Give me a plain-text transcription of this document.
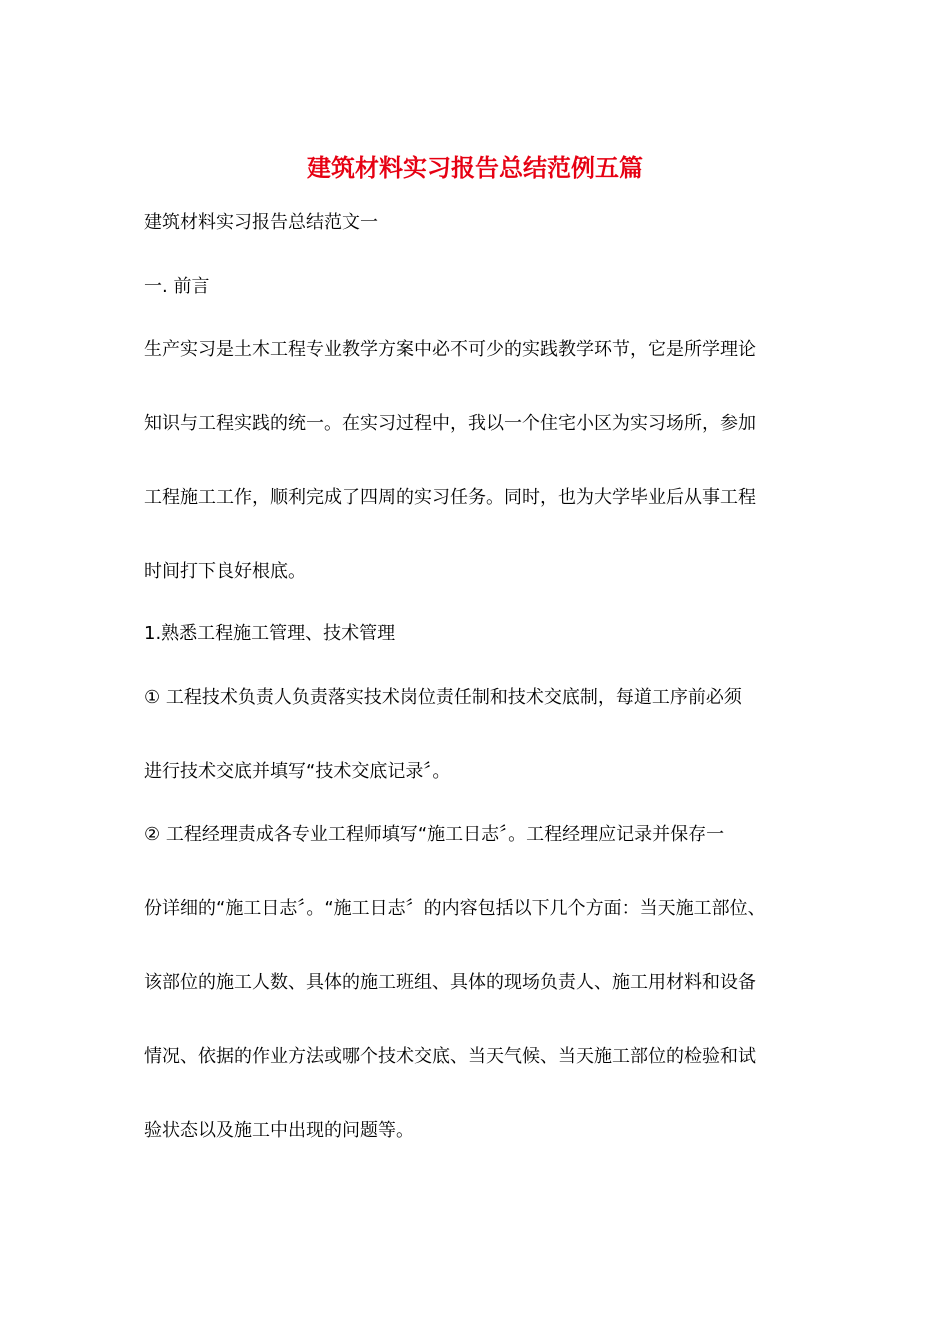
建筑材料实习报告总结范例五篇
建筑材料实习报告总结范文一
一. 前言
生产实习是土木工程专业教学方案中必不可少的实践教学环节，它是所学理论
知识与工程实践的统一。在实习过程中，我以一个住宅小区为实习场所，参加
工程施工工作，顺利完成了四周的实习任务。同时，也为大学毕业后从事工程
时间打下良好根底。
1.熟悉工程施工管理、技术管理
① 工程技术负责人负责落实技术岗位责任制和技术交底制，每道工序前必须
进行技术交底并填写“技术交底记录〞。
② 工程经理责成各专业工程师填写“施工日志〞。工程经理应记录并保存一
份详细的“施工日志〞。“施工日志〞的内容包括以下几个方面：当天施工部位、
该部位的施工人数、具体的施工班组、具体的现场负责人、施工用材料和设备
情况、依据的作业方法或哪个技术交底、当天气候、当天施工部位的检验和试
验状态以及施工中出现的问题等。
